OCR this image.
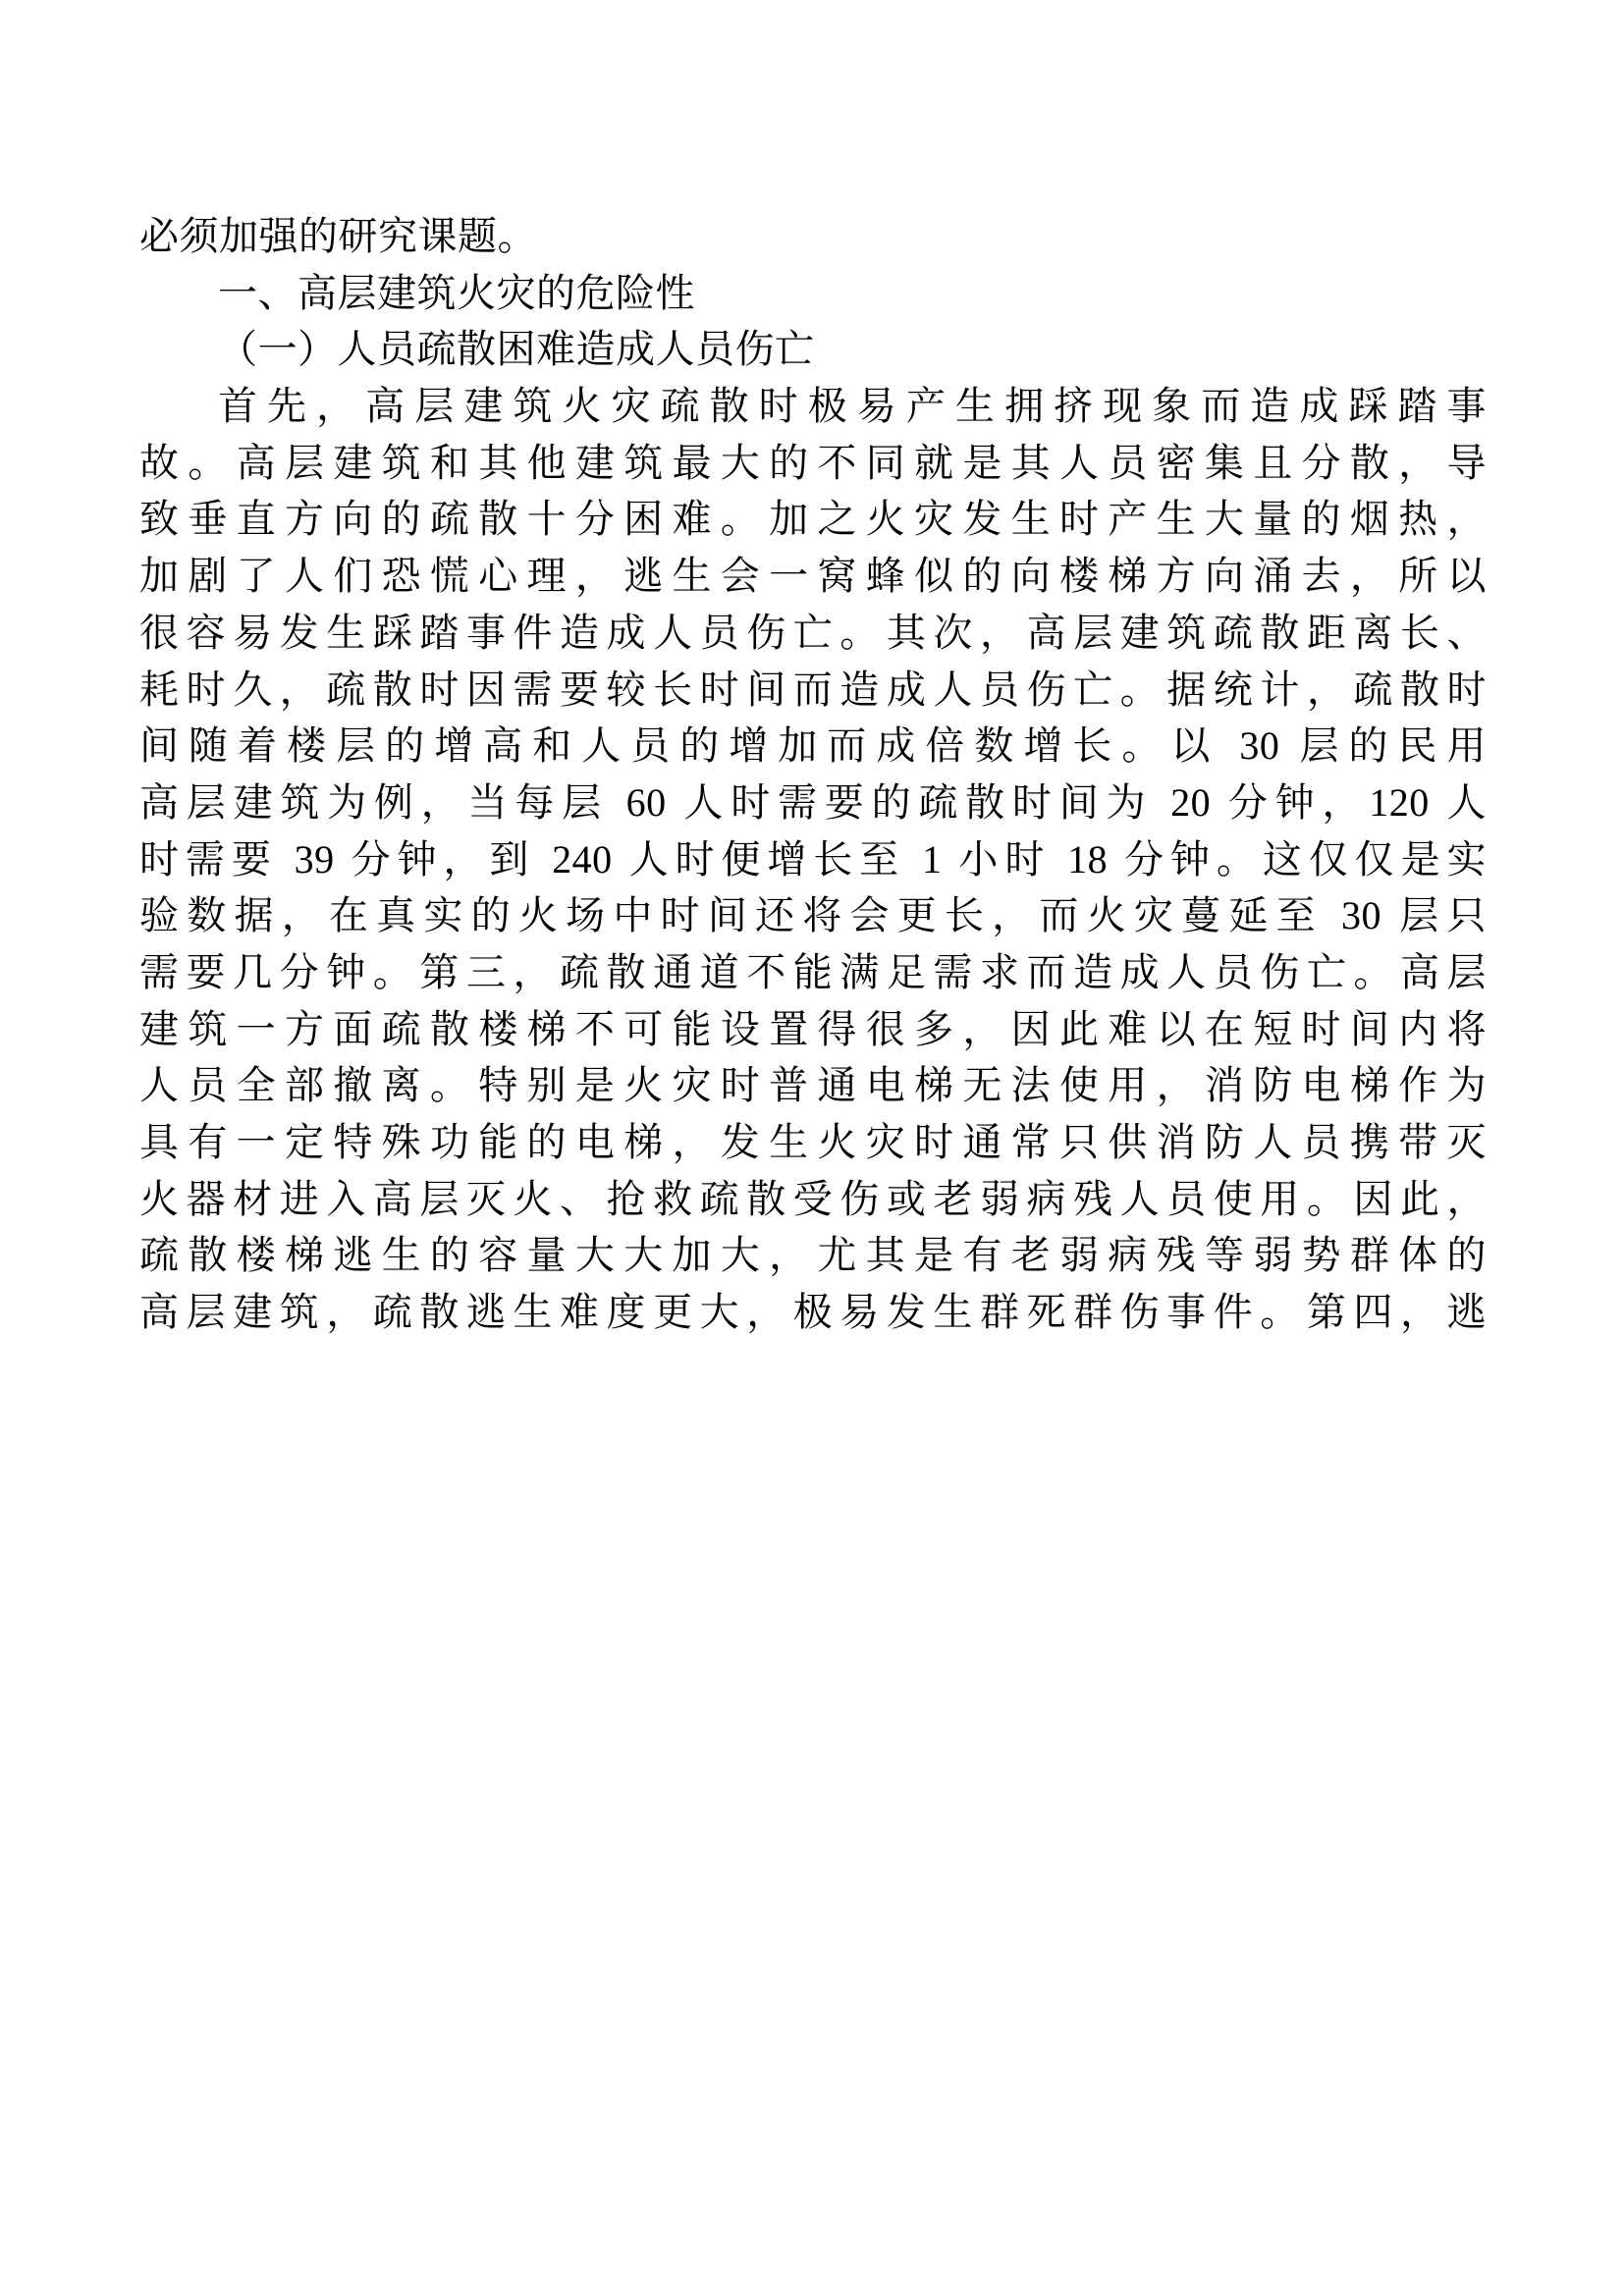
必须加强的研究课题。

一、高层建筑火灾的危险性

（一）人员疏散困难造成人员伤亡

首先，高层建筑火灾疏散时极易产生拥挤现象而造成踩踏事

故。高层建筑和其他建筑最大的不同就是其人员密集且分散，导

致垂直方向的疏散十分困难。加之火灾发生时产生大量的烟热，

加剧了人们恐慌心理，逃生会一窝蜂似的向楼梯方向涌去，所以

很容易发生踩踏事件造成人员伤亡。其次，高层建筑疏散距离长、

耗时久，疏散时因需要较长时间而造成人员伤亡。据统计，疏散时

间随着楼层的增高和人员的增加而成倍数增长。以 30 层的民用

高层建筑为例，当每层 60 人时需要的疏散时间为 20 分钟，120 人

时需要 39 分钟，到 240 人时便增长至 1 小时 18 分钟。这仅仅是实

验数据，在真实的火场中时间还将会更长，而火灾蔓延至 30 层只

需要几分钟。第三，疏散通道不能满足需求而造成人员伤亡。高层

建筑一方面疏散楼梯不可能设置得很多，因此难以在短时间内将

人员全部撤离。特别是火灾时普通电梯无法使用，消防电梯作为

具有一定特殊功能的电梯，发生火灾时通常只供消防人员携带灭

火器材进入高层灭火、抢救疏散受伤或老弱病残人员使用。因此，

疏散楼梯逃生的容量大大加大，尤其是有老弱病残等弱势群体的

高层建筑，疏散逃生难度更大，极易发生群死群伤事件。第四，逃
